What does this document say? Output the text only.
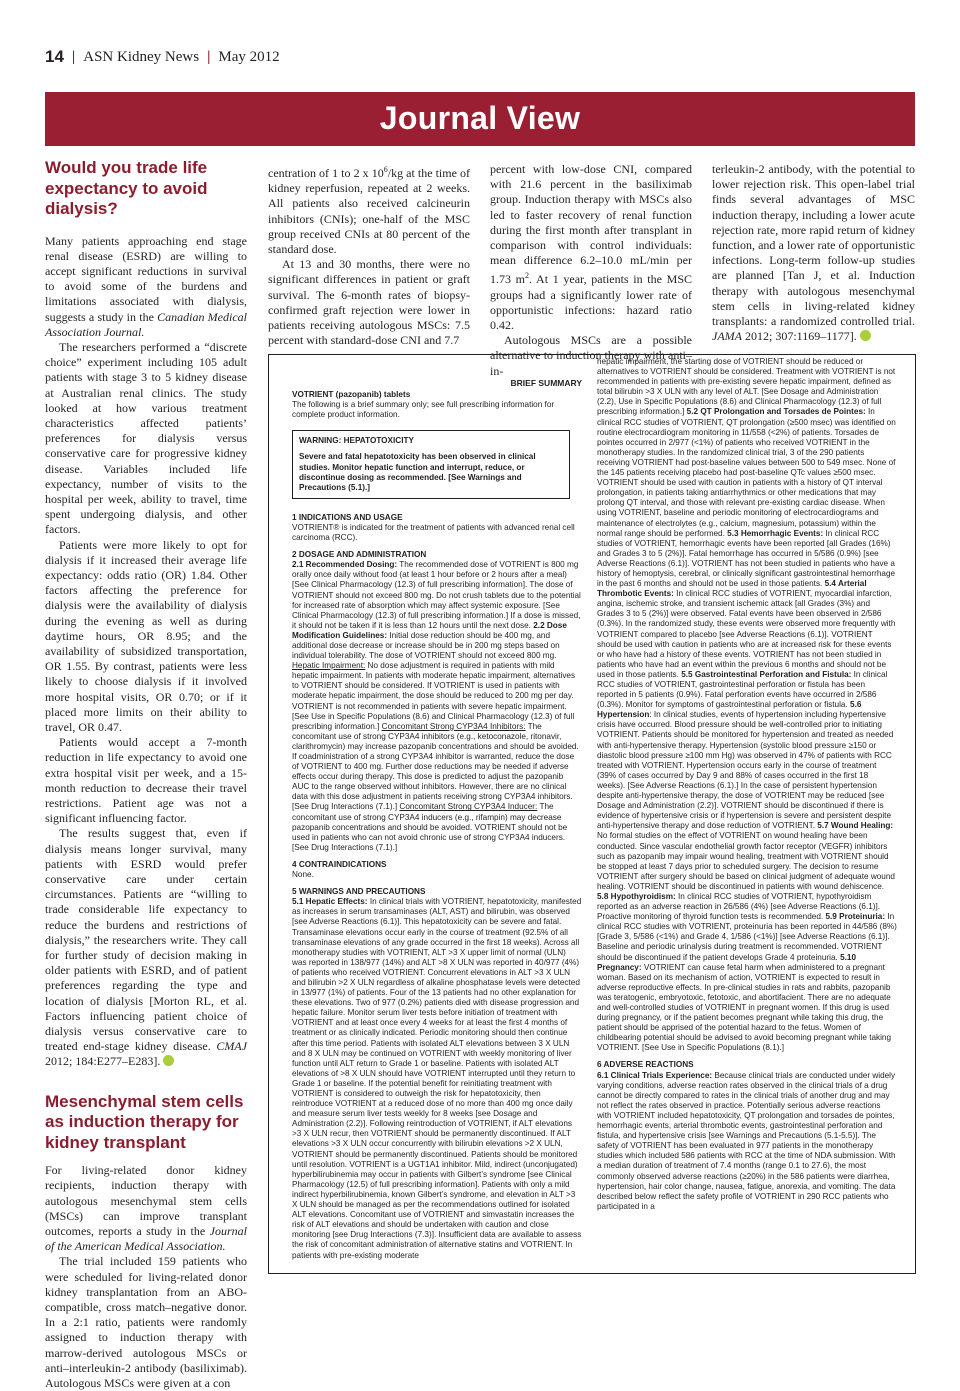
14 | ASN Kidney News | May 2012
Journal View
Would you trade life expectancy to avoid dialysis?

Many patients approaching end stage renal disease (ESRD) are willing to accept significant reductions in survival to avoid some of the burdens and limitations associated with dialysis, suggests a study in the Canadian Medical Association Journal.

The researchers performed a “discrete choice” experiment including 105 adult patients with stage 3 to 5 kidney disease at Australian renal clinics. The study looked at how various treatment characteristics affected patients’ preferences for dialysis versus conservative care for progressive kidney disease. Variables included life expectancy, number of visits to the hospital per week, ability to travel, time spent undergoing dialysis, and other factors.

Patients were more likely to opt for dialysis if it increased their average life expectancy: odds ratio (OR) 1.84. Other factors affecting the preference for dialysis were the availability of dialysis during the evening as well as during daytime hours, OR 8.95; and the availability of subsidized transportation, OR 1.55. By contrast, patients were less likely to choose dialysis if it involved more hospital visits, OR 0.70; or if it placed more limits on their ability to travel, OR 0.47.

Patients would accept a 7-month reduction in life expectancy to avoid one extra hospital visit per week, and a 15-month reduction to decrease their travel restrictions. Patient age was not a significant influencing factor.

The results suggest that, even if dialysis means longer survival, many patients with ESRD would prefer conservative care under certain circumstances. Patients are “willing to trade considerable life expectancy to reduce the burdens and restrictions of dialysis,” the researchers write. They call for further study of decision making in older patients with ESRD, and of patient preferences regarding the type and location of dialysis [Morton RL, et al. Factors influencing patient choice of dialysis versus conservative care to treated end-stage kidney disease. CMAJ 2012; 184:E277–E283].

Mesenchymal stem cells as induction therapy for kidney transplant

For living-related donor kidney recipients, induction therapy with autologous mesenchymal stem cells (MSCs) can improve transplant outcomes, reports a study in the Journal of the American Medical Association.

The trial included 159 patients who were scheduled for living-related donor kidney transplantation from an ABO-compatible, cross match–negative donor. In a 2:1 ratio, patients were randomly assigned to induction therapy with marrow-derived autologous MSCs or anti–interleukin-2 antibody (basiliximab). Autologous MSCs were given at a con

centration of 1 to 2 x $10^6/kg$ at the time of kidney reperfusion, repeated at 2 weeks. All patients also received calcineurin inhibitors (CNIs); one-half of the MSC group received CNIs at 80 percent of the standard dose.

At 13 and 30 months, there were no significant differences in patient or graft survival. The 6-month rates of biopsy-confirmed graft rejection were lower in patients receiving autologous MSCs: 7.5 percent with standard-dose CNI and 7.7

percent with low-dose CNI, compared with 21.6 percent in the basiliximab group. Induction therapy with MSCs also led to faster recovery of renal function during the first month after transplant in comparison with control individuals: mean difference 6.2–10.0 mL/min per 1.73 $m^2$. At 1 year, patients in the MSC groups had a significantly lower rate of opportunistic infections: hazard ratio 0.42.

Autologous MSCs are a possible alternative to induction therapy with anti–in-

terleukin-2 antibody, with the potential to lower rejection risk. This open-label trial finds several advantages of MSC induction therapy, including a lower acute rejection rate, more rapid return of kidney function, and a lower rate of opportunistic infections. Long-term follow-up studies are planned [Tan J, et al. Induction therapy with autologous mesenchymal stem cells in living-related kidney transplants: a randomized controlled trial. JAMA 2012; 307:1169–1177].

BRIEF SUMMARY
VOTRIENT (pazopanib) tablets
The following is a brief summary only; see full prescribing information for complete product information.
WARNING: HEPATOTOXICITY
Severe and fatal hepatotoxicity has been observed in clinical studies. Monitor hepatic function and interrupt, reduce, or discontinue dosing as recommended. [See Warnings and Precautions (5.1).]
1 INDICATIONS AND USAGE
VOTRIENT® is indicated for the treatment of patients with advanced renal cell carcinoma (RCC).
2 DOSAGE AND ADMINISTRATION
2.1 Recommended Dosing: The recommended dose of VOTRIENT is 800 mg orally once daily without food (at least 1 hour before or 2 hours after a meal) [See Clinical Pharmacology (12.3) of full prescribing information]. The dose of VOTRIENT should not exceed 800 mg. Do not crush tablets due to the potential for increased rate of absorption which may affect systemic exposure. [See Clinical Pharmacology (12.3) of full prescribing information.] If a dose is missed, it should not be taken if it is less than 12 hours until the next dose. 2.2 Dose Modification Guidelines: Initial dose reduction should be 400 mg, and additional dose decrease or increase should be in 200 mg steps based on individual tolerability. The dose of VOTRIENT should not exceed 800 mg. Hepatic Impairment: No dose adjustment is required in patients with mild hepatic impairment. In patients with moderate hepatic impairment, alternatives to VOTRIENT should be considered. If VOTRIENT is used in patients with moderate hepatic impairment, the dose should be reduced to 200 mg per day. VOTRIENT is not recommended in patients with severe hepatic impairment. [See Use in Specific Populations (8.6) and Clinical Pharmacology (12.3) of full prescribing information.] Concomitant Strong CYP3A4 Inhibitors: The concomitant use of strong CYP3A4 inhibitors (e.g., ketoconazole, ritonavir, clarithromycin) may increase pazopanib concentrations and should be avoided. If coadministration of a strong CYP3A4 inhibitor is warranted, reduce the dose of VOTRIENT to 400 mg. Further dose reductions may be needed if adverse effects occur during therapy. This dose is predicted to adjust the pazopanib AUC to the range observed without inhibitors. However, there are no clinical data with this dose adjustment in patients receiving strong CYP3A4 inhibitors. [See Drug Interactions (7.1).] Concomitant Strong CYP3A4 Inducer: The concomitant use of strong CYP3A4 inducers (e.g., rifampin) may decrease pazopanib concentrations and should be avoided. VOTRIENT should not be used in patients who can not avoid chronic use of strong CYP3A4 inducers. [See Drug Interactions (7.1).]
4 CONTRAINDICATIONS
None.
5 WARNINGS AND PRECAUTIONS
5.1 Hepatic Effects: In clinical trials with VOTRIENT, hepatotoxicity, manifested as increases in serum transaminases (ALT, AST) and bilirubin, was observed [see Adverse Reactions (6.1)]. This hepatotoxicity can be severe and fatal. Transaminase elevations occur early in the course of treatment (92.5% of all transaminase elevations of any grade occurred in the first 18 weeks). Across all monotherapy studies with VOTRIENT, ALT >3 X upper limit of normal (ULN) was reported in 138/977 (14%) and ALT >8 X ULN was reported in 40/977 (4%) of patients who received VOTRIENT. Concurrent elevations in ALT >3 X ULN and bilirubin >2 X ULN regardless of alkaline phosphatase levels were detected in 13/977 (1%) of patients. Four of the 13 patients had no other explanation for these elevations. Two of 977 (0.2%) patients died with disease progression and hepatic failure. Monitor serum liver tests before initiation of treatment with VOTRIENT and at least once every 4 weeks for at least the first 4 months of treatment or as clinically indicated. Periodic monitoring should then continue after this time period. Patients with isolated ALT elevations between 3 X ULN and 8 X ULN may be continued on VOTRIENT with weekly monitoring of liver function until ALT return to Grade 1 or baseline. Patients with isolated ALT elevations of >8 X ULN should have VOTRIENT interrupted until they return to Grade 1 or baseline. If the potential benefit for reinitiating treatment with VOTRIENT is considered to outweigh the risk for hepatotoxicity, then reintroduce VOTRIENT at a reduced dose of no more than 400 mg once daily and measure serum liver tests weekly for 8 weeks [see Dosage and Administration (2.2)]. Following reintroduction of VOTRIENT, if ALT elevations >3 X ULN recur, then VOTRIENT should be permanently discontinued. If ALT elevations >3 X ULN occur concurrently with bilirubin elevations >2 X ULN, VOTRIENT should be permanently discontinued. Patients should be monitored until resolution. VOTRIENT is a UGT1A1 inhibitor. Mild, indirect (unconjugated) hyperbilirubinemia may occur in patients with Gilbert’s syndrome [see Clinical Pharmacology (12.5) of full prescribing information]. Patients with only a mild indirect hyperbilirubinemia, known Gilbert’s syndrome, and elevation in ALT >3 X ULN should be managed as per the recommendations outlined for isolated ALT elevations. Concomitant use of VOTRIENT and simvastatin increases the risk of ALT elevations and should be undertaken with caution and close monitoring [see Drug Interactions (7.3)]. Insufficient data are available to assess the risk of concomitant administration of alternative statins and VOTRIENT. In patients with pre-existing moderate
hepatic impairment, the starting dose of VOTRIENT should be reduced or alternatives to VOTRIENT should be considered. Treatment with VOTRIENT is not recommended in patients with pre-existing severe hepatic impairment, defined as total bilirubin >3 X ULN with any level of ALT. [See Dosage and Administration (2.2), Use in Specific Populations (8.6) and Clinical Pharmacology (12.3) of full prescribing information.] 5.2 QT Prolongation and Torsades de Pointes: In clinical RCC studies of VOTRIENT, QT prolongation (≥500 msec) was identified on routine electrocardiogram monitoring in 11/558 (<2%) of patients. Torsades de pointes occurred in 2/977 (<1%) of patients who received VOTRIENT in the monotherapy studies. In the randomized clinical trial, 3 of the 290 patients receiving VOTRIENT had post-baseline values between 500 to 549 msec. None of the 145 patients receiving placebo had post-baseline QTc values ≥500 msec. VOTRIENT should be used with caution in patients with a history of QT interval prolongation, in patients taking antiarrhythmics or other medications that may prolong QT interval, and those with relevant pre-existing cardiac disease. When using VOTRIENT, baseline and periodic monitoring of electrocardiograms and maintenance of electrolytes (e.g., calcium, magnesium, potassium) within the normal range should be performed. 5.3 Hemorrhagic Events: In clinical RCC studies of VOTRIENT, hemorrhagic events have been reported [all Grades (16%) and Grades 3 to 5 (2%)]. Fatal hemorrhage has occurred in 5/586 (0.9%) [see Adverse Reactions (6.1)]. VOTRIENT has not been studied in patients who have a history of hemoptysis, cerebral, or clinically significant gastrointestinal hemorrhage in the past 6 months and should not be used in those patients. 5.4 Arterial Thrombotic Events: In clinical RCC studies of VOTRIENT, myocardial infarction, angina, ischemic stroke, and transient ischemic attack [all Grades (3%) and Grades 3 to 5 (2%)] were observed. Fatal events have been observed in 2/586 (0.3%). In the randomized study, these events were observed more frequently with VOTRIENT compared to placebo [see Adverse Reactions (6.1)]. VOTRIENT should be used with caution in patients who are at increased risk for these events or who have had a history of these events. VOTRIENT has not been studied in patients who have had an event within the previous 6 months and should not be used in those patients. 5.5 Gastrointestinal Perforation and Fistula: In clinical RCC studies of VOTRIENT, gastrointestinal perforation or fistula has been reported in 5 patients (0.9%). Fatal perforation events have occurred in 2/586 (0.3%). Monitor for symptoms of gastrointestinal perforation or fistula. 5.6 Hypertension: In clinical studies, events of hypertension including hypertensive crisis have occurred. Blood pressure should be well-controlled prior to initiating VOTRIENT. Patients should be monitored for hypertension and treated as needed with anti-hypertensive therapy. Hypertension (systolic blood pressure ≥150 or diastolic blood pressure ≥100 mm Hg) was observed in 47% of patients with RCC treated with VOTRIENT. Hypertension occurs early in the course of treatment (39% of cases occurred by Day 9 and 88% of cases occurred in the first 18 weeks). [See Adverse Reactions (6.1).] In the case of persistent hypertension despite anti-hypertensive therapy, the dose of VOTRIENT may be reduced [see Dosage and Administration (2.2)]. VOTRIENT should be discontinued if there is evidence of hypertensive crisis or if hypertension is severe and persistent despite anti-hypertensive therapy and dose reduction of VOTRIENT. 5.7 Wound Healing: No formal studies on the effect of VOTRIENT on wound healing have been conducted. Since vascular endothelial growth factor receptor (VEGFR) inhibitors such as pazopanib may impair wound healing, treatment with VOTRIENT should be stopped at least 7 days prior to scheduled surgery. The decision to resume VOTRIENT after surgery should be based on clinical judgment of adequate wound healing. VOTRIENT should be discontinued in patients with wound dehiscence. 5.8 Hypothyroidism: In clinical RCC studies of VOTRIENT, hypothyroidism reported as an adverse reaction in 26/586 (4%) [see Adverse Reactions (6.1)]. Proactive monitoring of thyroid function tests is recommended. 5.9 Proteinuria: In clinical RCC studies with VOTRIENT, proteinuria has been reported in 44/586 (8%) [Grade 3, 5/586 (<1%) and Grade 4, 1/586 (<1%)] [see Adverse Reactions (6.1)]. Baseline and periodic urinalysis during treatment is recommended. VOTRIENT should be discontinued if the patient develops Grade 4 proteinuria. 5.10 Pregnancy: VOTRIENT can cause fetal harm when administered to a pregnant woman. Based on its mechanism of action, VOTRIENT is expected to result in adverse reproductive effects. In pre-clinical studies in rats and rabbits, pazopanib was teratogenic, embryotoxic, fetotoxic, and abortifacient. There are no adequate and well-controlled studies of VOTRIENT in pregnant women. If this drug is used during pregnancy, or if the patient becomes pregnant while taking this drug, the patient should be apprised of the potential hazard to the fetus. Women of childbearing potential should be advised to avoid becoming pregnant while taking VOTRIENT. [See Use in Specific Populations (8.1).]
6 ADVERSE REACTIONS
6.1 Clinical Trials Experience: Because clinical trials are conducted under widely varying conditions, adverse reaction rates observed in the clinical trials of a drug cannot be directly compared to rates in the clinical trials of another drug and may not reflect the rates observed in practice. Potentially serious adverse reactions with VOTRIENT included hepatotoxicity, QT prolongation and torsades de pointes, hemorrhagic events, arterial thrombotic events, gastrointestinal perforation and fistula, and hypertensive crisis [see Warnings and Precautions (5.1-5.5)]. The safety of VOTRIENT has been evaluated in 977 patients in the monotherapy studies which included 586 patients with RCC at the time of NDA submission. With a median duration of treatment of 7.4 months (range 0.1 to 27.6), the most commonly observed adverse reactions (≥20%) in the 586 patients were diarrhea, hypertension, hair color change, nausea, fatigue, anorexia, and vomiting. The data described below reflect the safety profile of VOTRIENT in 290 RCC patients who participated in a
